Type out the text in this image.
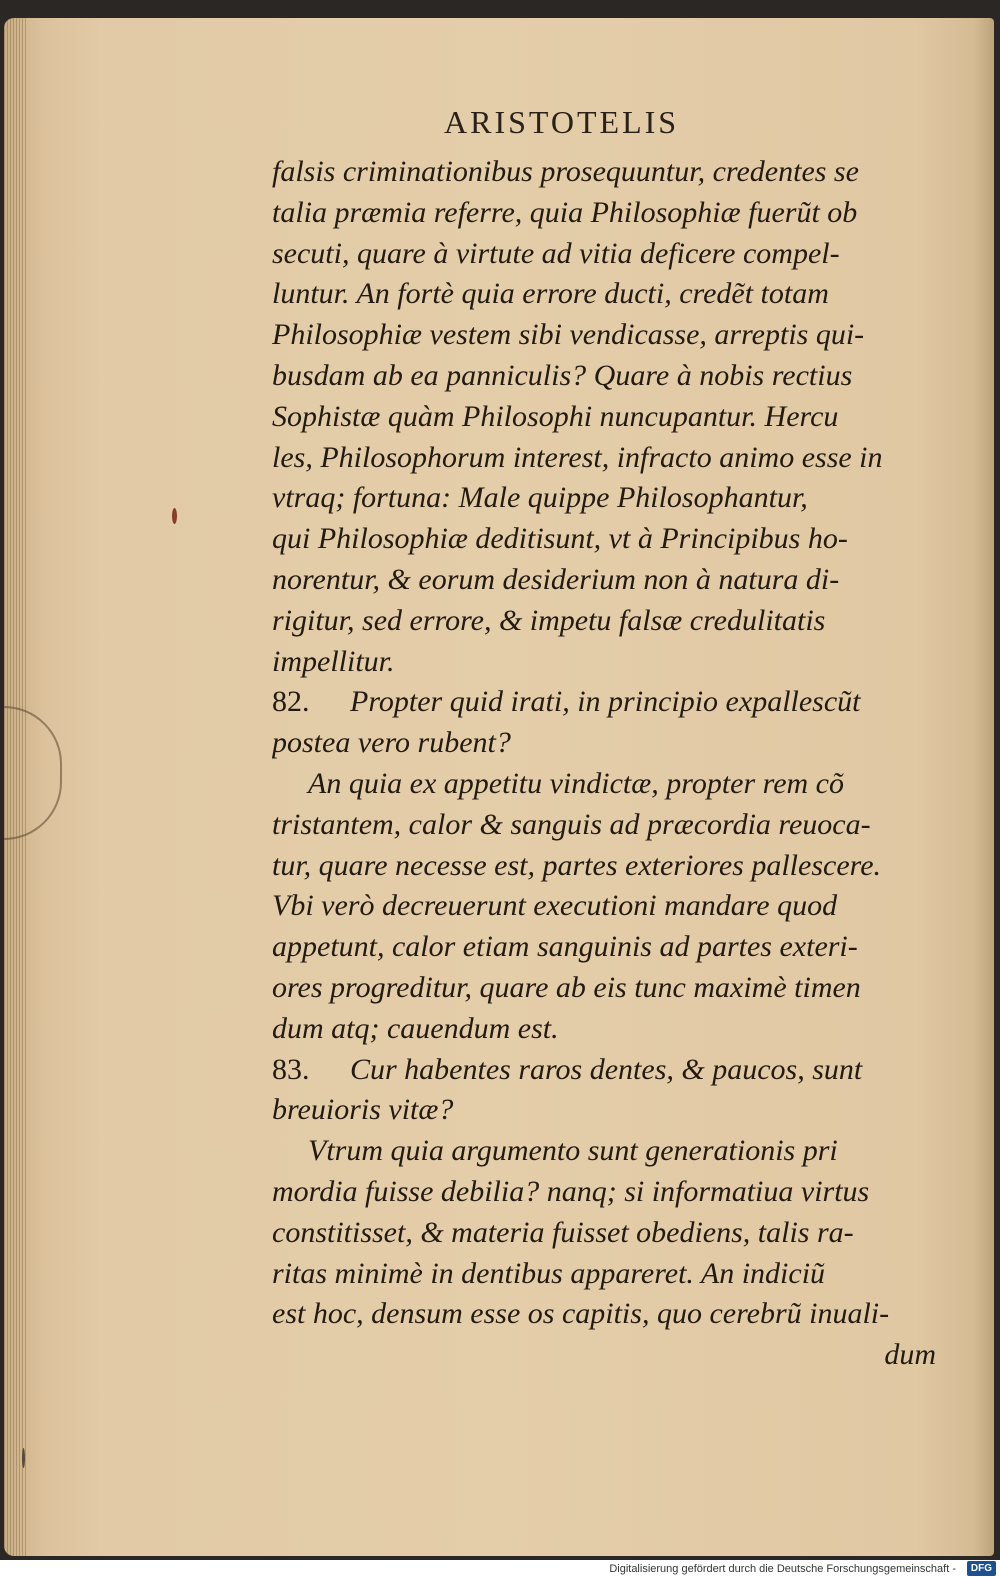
ARISTOTELIS
falsis criminationibus prosequuntur, credentes se
talia præmia referre, quia Philosophiæ fuerũt ob
secuti, quare à virtute ad vitia deficere compel-
luntur. An fortè quia errore ducti, credẽt totam
Philosophiæ vestem sibi vendicasse, arreptis qui-
busdam ab ea panniculis? Quare à nobis rectius
Sophistæ quàm Philosophi nuncupantur. Hercu
les, Philosophorum interest, infracto animo esse in
vtraq; fortuna: Male quippe Philosophantur,
qui Philosophiæ deditisunt, vt à Principibus ho-
norentur, & eorum desiderium non à natura di-
rigitur, sed errore, & impetu falsæ credulitatis
impellitur.
82.	Propter quid irati, in principio expallescũt
postea vero rubent?
An quia ex appetitu vindictæ, propter rem cõ
tristantem, calor & sanguis ad præcordia reuoca-
tur, quare necesse est, partes exteriores pallescere.
Vbi verò decreuerunt executioni mandare quod
appetunt, calor etiam sanguinis ad partes exteri-
ores progreditur, quare ab eis tunc maximè timen
dum atq; cauendum est.
83.	Cur habentes raros dentes, & paucos, sunt
breuioris vitæ?
Vtrum quia argumento sunt generationis pri
mordia fuisse debilia? nanq; si informatiua virtus
constitisset, & materia fuisset obediens, talis ra-
ritas minimè in dentibus appareret. An indiciũ
est hoc, densum esse os capitis, quo cerebrũ inuali-
dum
Digitalisierung gefördert durch die Deutsche Forschungsgemeinschaft -	DFG
